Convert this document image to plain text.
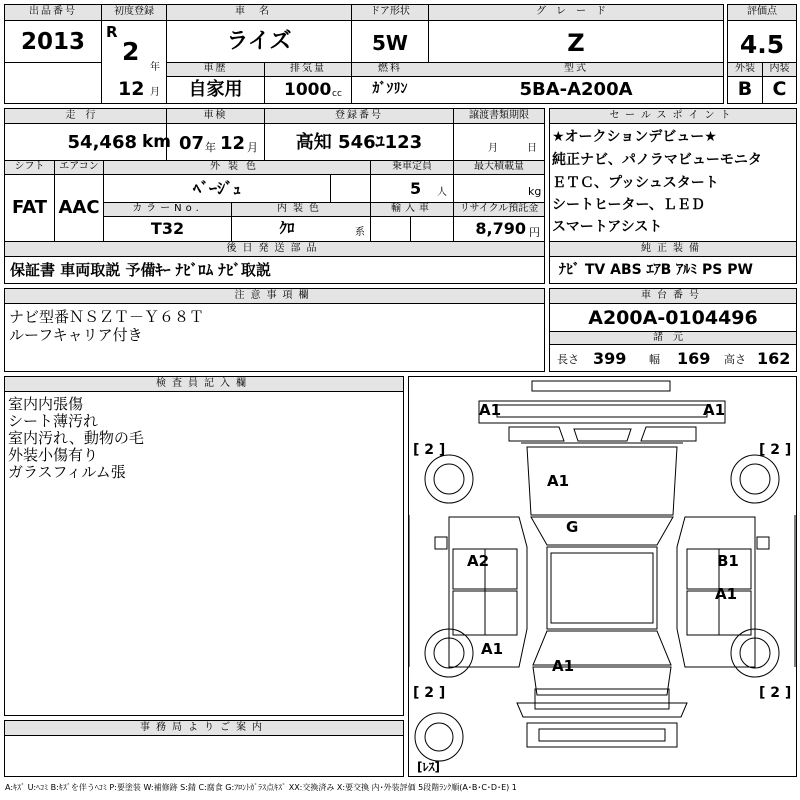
出品番号
2013
初度登録
R
2
年
12 月
車名
ライズ
ドア形状
5W
グレード
Z
評価点
4.5
外装	内装
B	C
車歴
自家用
排気量
1000 cc
燃料
ｶﾞｿﾘﾝ
型式
5BA-A200A
走行
54,468 km
車検
07 年 12 月
登録番号
高知 546ﾕ123
譲渡書類期限
月	日
シフト
FAT
エアコン
AAC
外装色
ﾍﾞｰｼﾞｭ
乗車定員
5 人
最大積載量
kg
カラーNo.
T32
内装色
ｸﾛ	系
輸入車	リサイクル預託金
8,790 円
後日発送部品
保証書 車両取説 予備ｷｰ ﾅﾋﾞﾛﾑ ﾅﾋﾞ取説
セールスポイント
★オークションデビュー★
純正ナビ、パノラマビューモニタ
ＥＴＣ、プッシュスタート
シートヒーター、ＬＥＤ
スマートアシスト
純正装備
ﾅﾋﾞ TV ABS ｴｱB ｱﾙﾐ PS PW
注意事項欄
ナビ型番ＮＳＺＴ－Ｙ６８Ｔ
ルーフキャリア付き
車台番号
A200A-0104496
諸元
長さ 399 幅 169 高さ 162
検査員記入欄
室内内張傷
シート薄汚れ
室内汚れ、動物の毛
外装小傷有り
ガラスフィルム張
事務局よりご案内
A1	A1
A1
G
A2	B1
A1
A1
A1
[ 2 ]	[ 2 ]
[ 2 ]	[ 2 ]
[ﾚｽ]
A:ｷｽﾞ U:ﾍｺﾐ B:ｷｽﾞを伴うﾍｺﾐ P:要塗装 W:補修跡 S:錆 C:腐食 G:ﾌﾛﾝﾄｶﾞﾗｽ点ｷｽﾞ XX:交換済み X:要交換 内･外装評価 5段階ﾗﾝｸ順(A･B･C･D･E) 1
